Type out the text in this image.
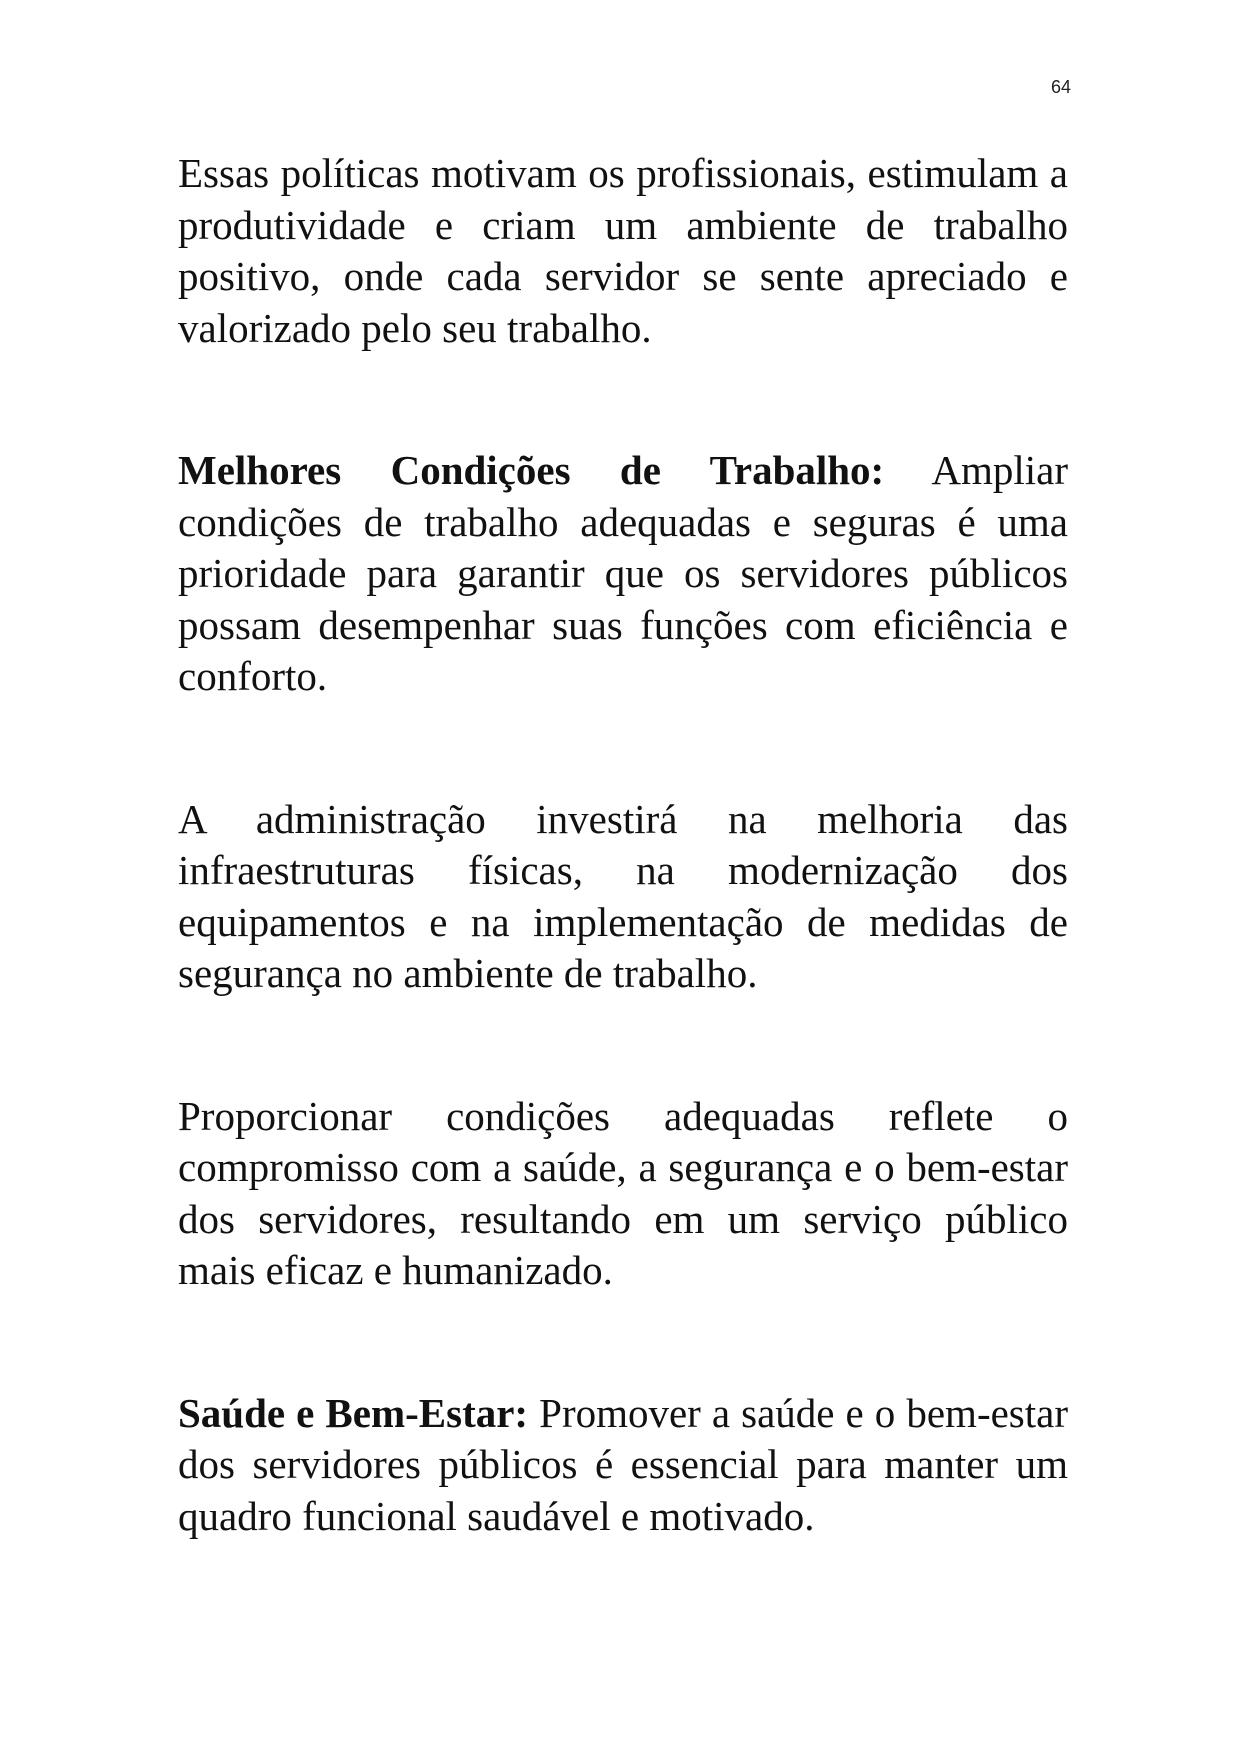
64

Essas políticas motivam os profissionais, estimulam a produtividade e criam um ambiente de trabalho positivo, onde cada servidor se sente apreciado e valorizado pelo seu trabalho.

Melhores Condições de Trabalho: Ampliar condições de trabalho adequadas e seguras é uma prioridade para garantir que os servidores públicos possam desempenhar suas funções com eficiência e conforto.

A administração investirá na melhoria das infraestruturas físicas, na modernização dos equipamentos e na implementação de medidas de segurança no ambiente de trabalho.

Proporcionar condições adequadas reflete o compromisso com a saúde, a segurança e o bem-estar dos servidores, resultando em um serviço público mais eficaz e humanizado.

Saúde e Bem-Estar: Promover a saúde e o bem-estar dos servidores públicos é essencial para manter um quadro funcional saudável e motivado.
